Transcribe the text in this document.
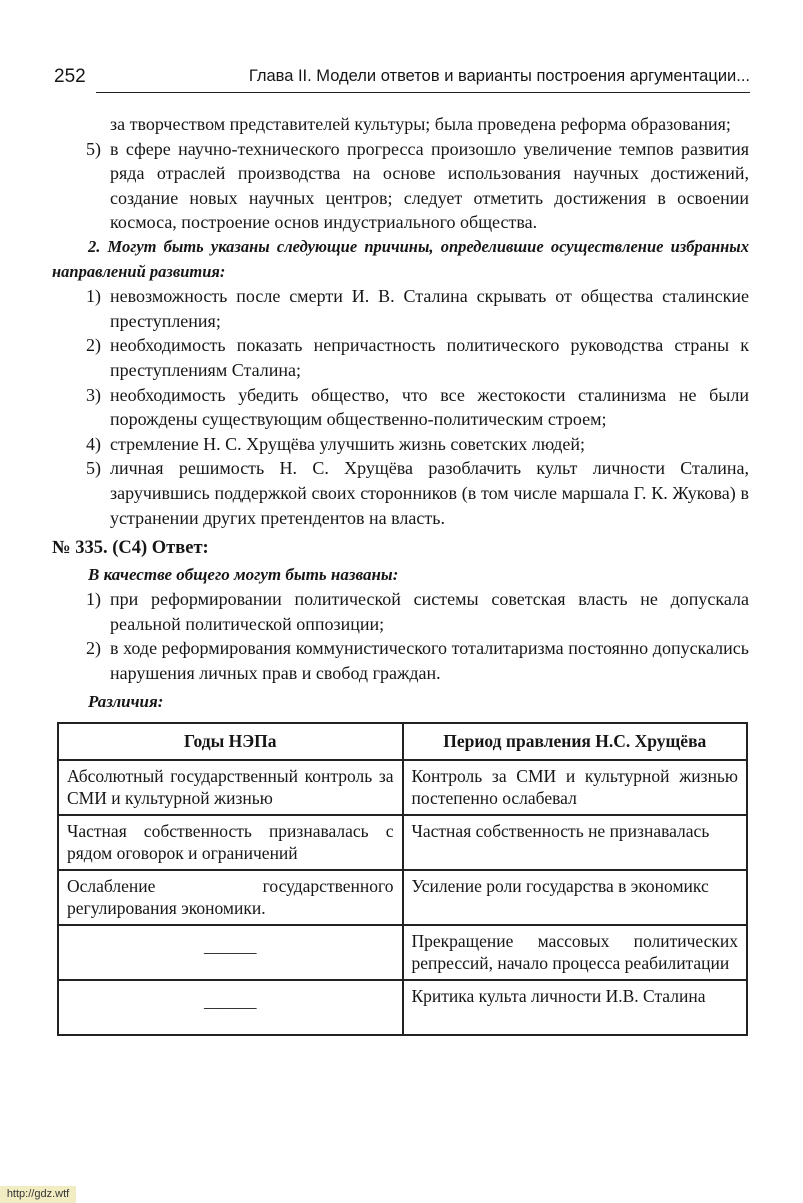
252	Глава II. Модели ответов и варианты построения аргументации...
за творчеством представителей культуры; была проведена реформа образования;
5) в сфере научно-технического прогресса произошло увеличение темпов развития ряда отраслей производства на основе использования научных достижений, создание новых научных центров; следует отметить достижения в освоении космоса, построение основ индустриального общества.
2. Могут быть указаны следующие причины, определившие осуществление избранных направлений развития:
1) невозможность после смерти И. В. Сталина скрывать от общества сталинские преступления;
2) необходимость показать непричастность политического руководства страны к преступлениям Сталина;
3) необходимость убедить общество, что все жестокости сталинизма не были порождены существующим общественно-политическим строем;
4) стремление Н. С. Хрущёва улучшить жизнь советских людей;
5) личная решимость Н. С. Хрущёва разоблачить культ личности Сталина, заручившись поддержкой своих сторонников (в том числе маршала Г. К. Жукова) в устранении других претендентов на власть.
№ 335. (С4) Ответ:
В качестве общего могут быть названы:
1) при реформировании политической системы советская власть не допускала реальной политической оппозиции;
2) в ходе реформирования коммунистического тоталитаризма постоянно допускались нарушения личных прав и свобод граждан.
Различия:
Годы НЭПа	Период правления Н.С. Хрущёва
Абсолютный государственный контроль за СМИ и культурной жизнью	Контроль за СМИ и культурной жизнью постепенно ослабевал
Частная собственность признавалась с рядом оговорок и ограничений	Частная собственность не признавалась
Ослабление государственного регулирования экономики.	Усиление роли государства в экономикс
———	Прекращение массовых политических репрессий, начало процесса реабилитации
———	Критика культа личности И.В. Сталина
http://gdz.wtf
